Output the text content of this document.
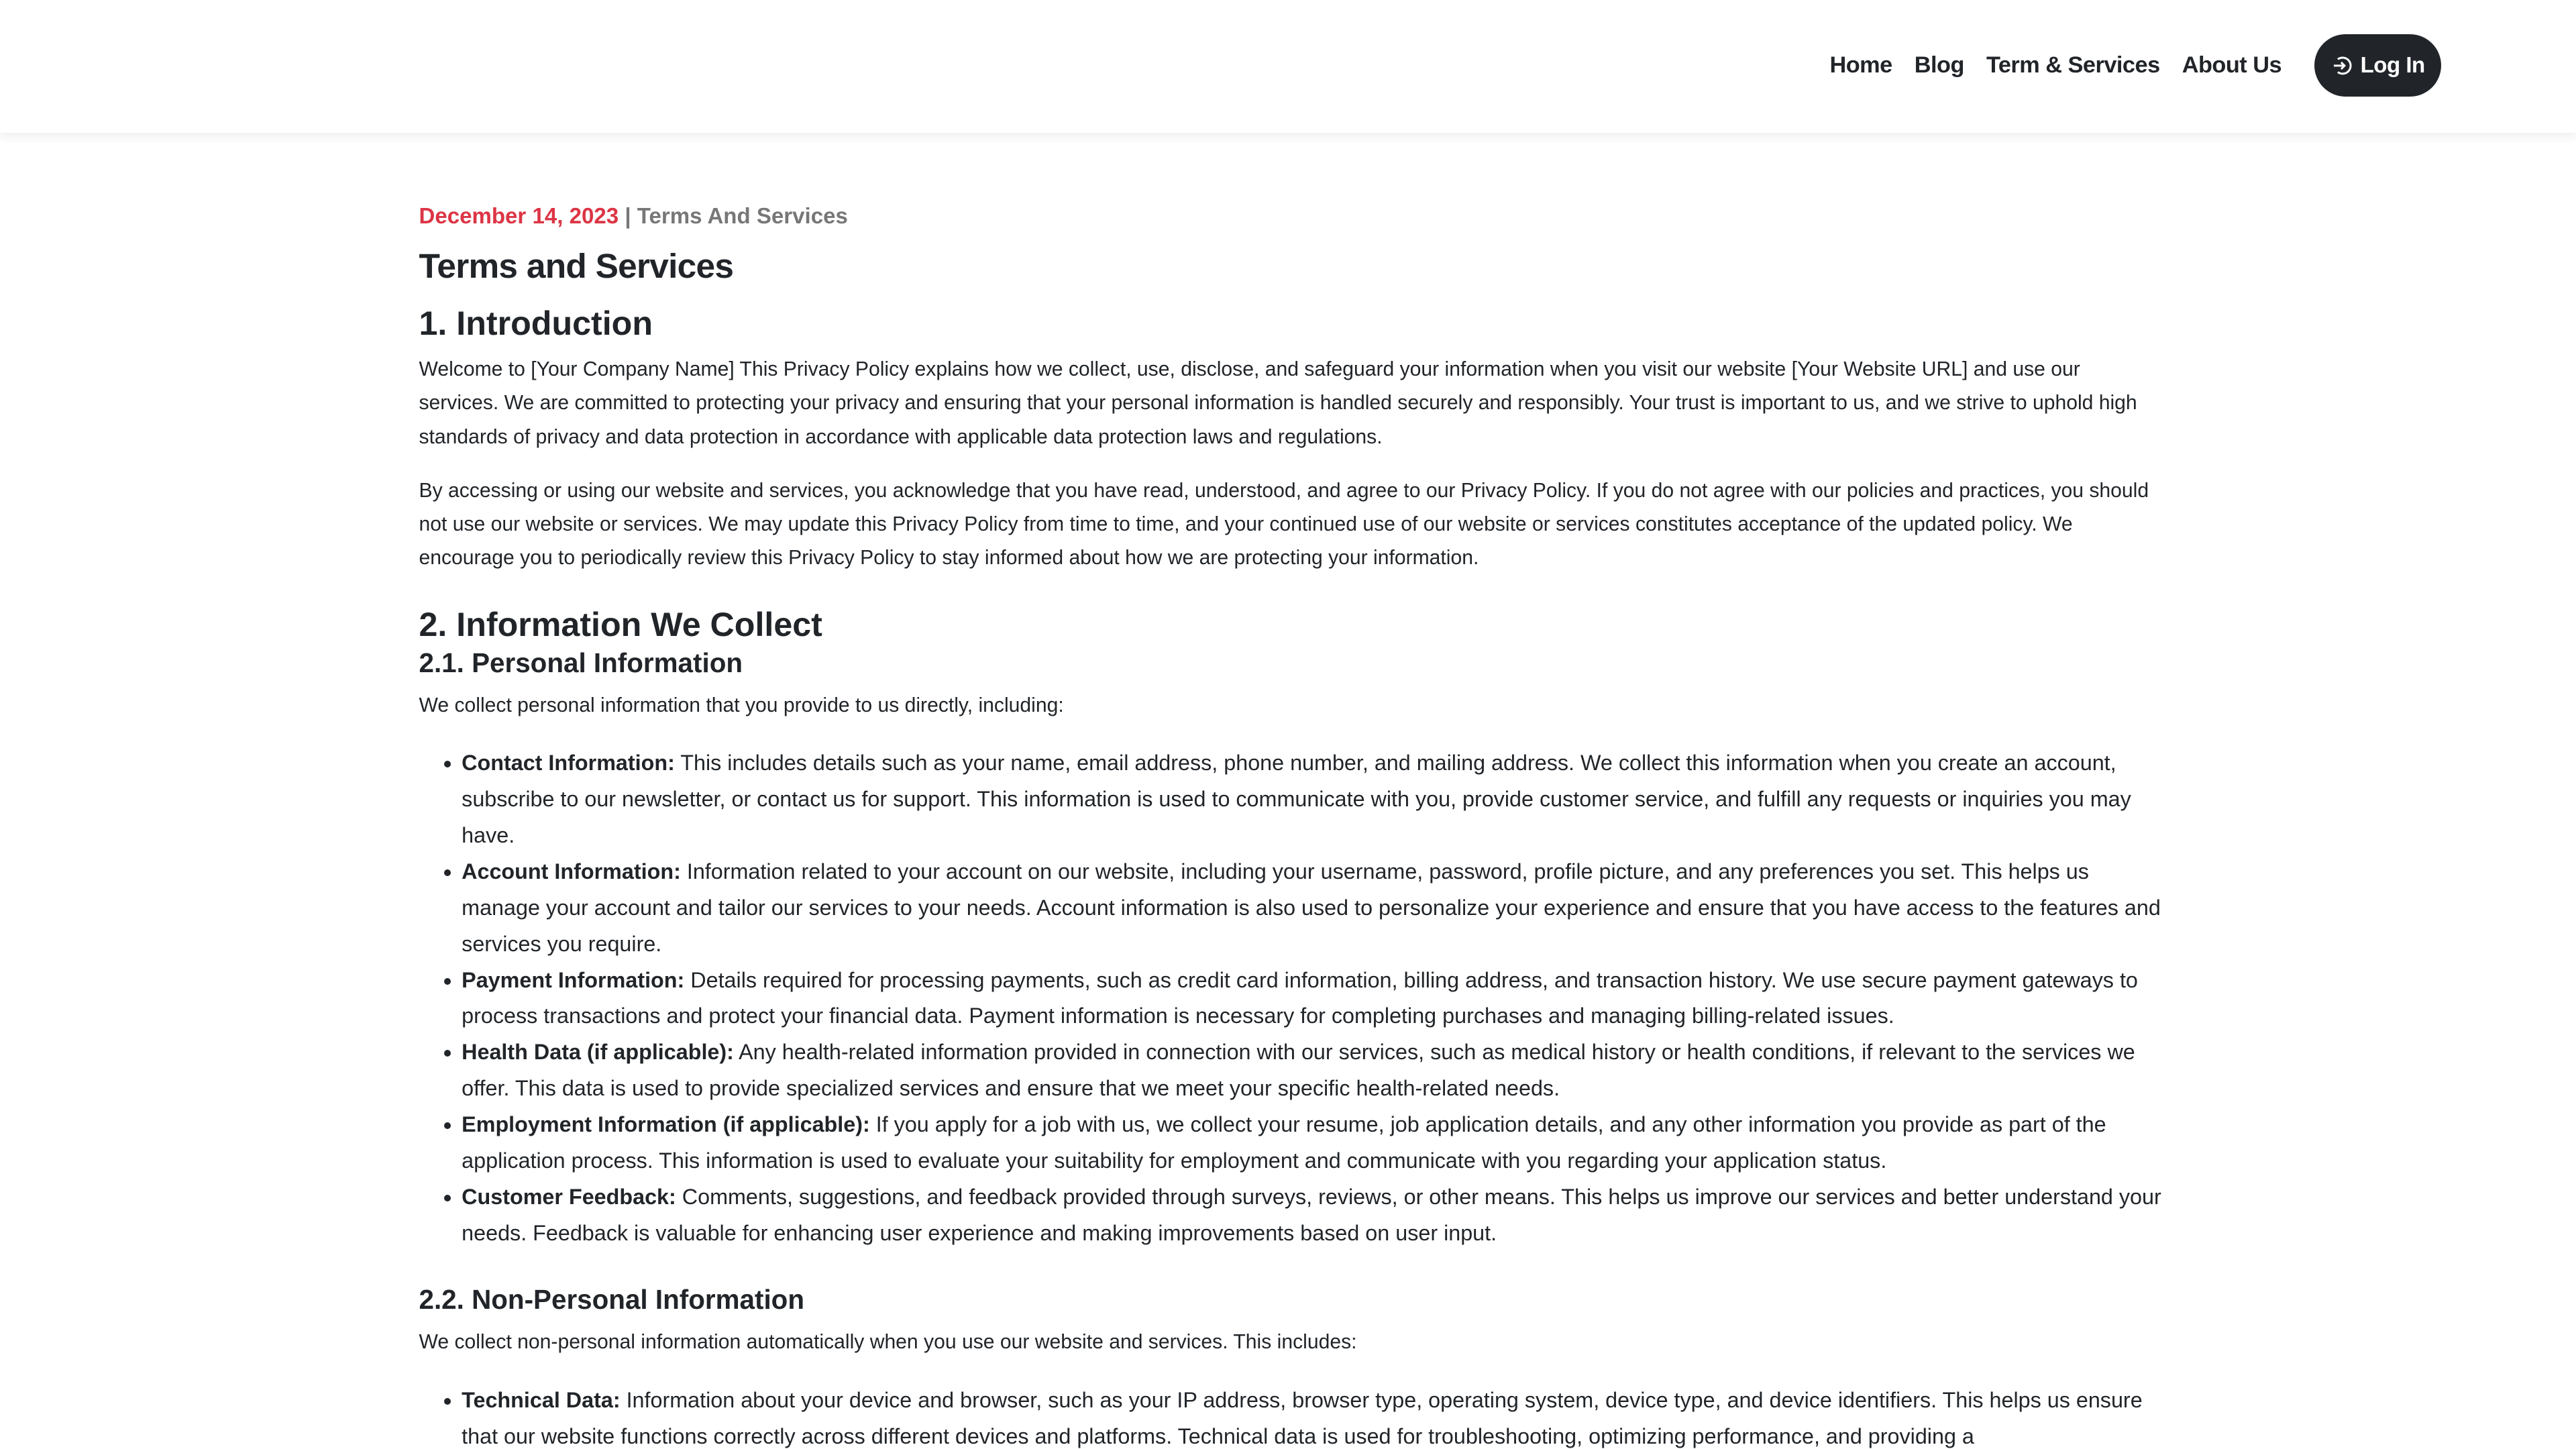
Home Blog Term & Services About Us	Log In
December 14, 2023 | Terms And Services
Terms and Services
1. Introduction

Welcome to [Your Company Name] This Privacy Policy explains how we collect, use, disclose, and safeguard your information when you visit our website [Your Website URL] and use our services. We are committed to protecting your privacy and ensuring that your personal information is handled securely and responsibly. Your trust is important to us, and we strive to uphold high standards of privacy and data protection in accordance with applicable data protection laws and regulations.

By accessing or using our website and services, you acknowledge that you have read, understood, and agree to our Privacy Policy. If you do not agree with our policies and practices, you should not use our website or services. We may update this Privacy Policy from time to time, and your continued use of our website or services constitutes acceptance of the updated policy. We encourage you to periodically review this Privacy Policy to stay informed about how we are protecting your information.

2. Information We Collect
2.1. Personal Information

We collect personal information that you provide to us directly, including:

• Contact Information: This includes details such as your name, email address, phone number, and mailing address. We collect this information when you create an account, subscribe to our newsletter, or contact us for support. This information is used to communicate with you, provide customer service, and fulfill any requests or inquiries you may have.
• Account Information: Information related to your account on our website, including your username, password, profile picture, and any preferences you set. This helps us manage your account and tailor our services to your needs. Account information is also used to personalize your experience and ensure that you have access to the features and services you require.
• Payment Information: Details required for processing payments, such as credit card information, billing address, and transaction history. We use secure payment gateways to process transactions and protect your financial data. Payment information is necessary for completing purchases and managing billing-related issues.
• Health Data (if applicable): Any health-related information provided in connection with our services, such as medical history or health conditions, if relevant to the services we offer. This data is used to provide specialized services and ensure that we meet your specific health-related needs.
• Employment Information (if applicable): If you apply for a job with us, we collect your resume, job application details, and any other information you provide as part of the application process. This information is used to evaluate your suitability for employment and communicate with you regarding your application status.
• Customer Feedback: Comments, suggestions, and feedback provided through surveys, reviews, or other means. This helps us improve our services and better understand your needs. Feedback is valuable for enhancing user experience and making improvements based on user input.
2.2. Non-Personal Information

We collect non-personal information automatically when you use our website and services. This includes:

• Technical Data: Information about your device and browser, such as your IP address, browser type, operating system, device type, and device identifiers. This helps us ensure that our website functions correctly across different devices and platforms. Technical data is used for troubleshooting, optimizing performance, and providing a
